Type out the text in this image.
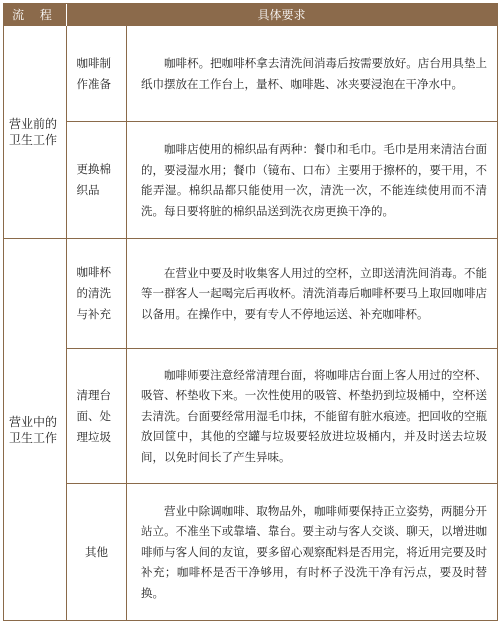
流 程	具体要求
营业前的卫生工作
咖啡制作准备
咖啡杯。把咖啡杯拿去清洗间消毒后按需要放好。店台用具垫上纸巾摆放在工作台上，量杯、咖啡匙、冰夹要浸泡在干净水中。
更换棉织品
咖啡店使用的棉织品有两种：餐巾和毛巾。毛巾是用来清洁台面的，要浸湿水用；餐巾（镜布、口布）主要用于擦杯的，要干用，不能弄湿。棉织品都只能使用一次，清洗一次，不能连续使用而不清洗。每日要将脏的棉织品送到洗衣房更换干净的。
营业中的卫生工作
咖啡杯的清洗与补充
在营业中要及时收集客人用过的空杯，立即送清洗间消毒。不能等一群客人一起喝完后再收杯。清洗消毒后咖啡杯要马上取回咖啡店以备用。在操作中，要有专人不停地运送、补充咖啡杯。
清理台面、处理垃圾
咖啡师要注意经常清理台面，将咖啡店台面上客人用过的空杯、吸管、杯垫收下来。一次性使用的吸管、杯垫扔到垃圾桶中，空杯送去清洗。台面要经常用湿毛巾抹，不能留有脏水痕迹。把回收的空瓶放回筐中，其他的空罐与垃圾要轻放进垃圾桶内，并及时送去垃圾间，以免时间长了产生异味。
其他
营业中除调咖啡、取物品外，咖啡师要保持正立姿势，两腿分开站立。不准坐下或靠墙、靠台。要主动与客人交谈、聊天，以增进咖啡师与客人间的友谊，要多留心观察配料是否用完，将近用完要及时补充；咖啡杯是否干净够用，有时杯子没洗干净有污点，要及时替换。
